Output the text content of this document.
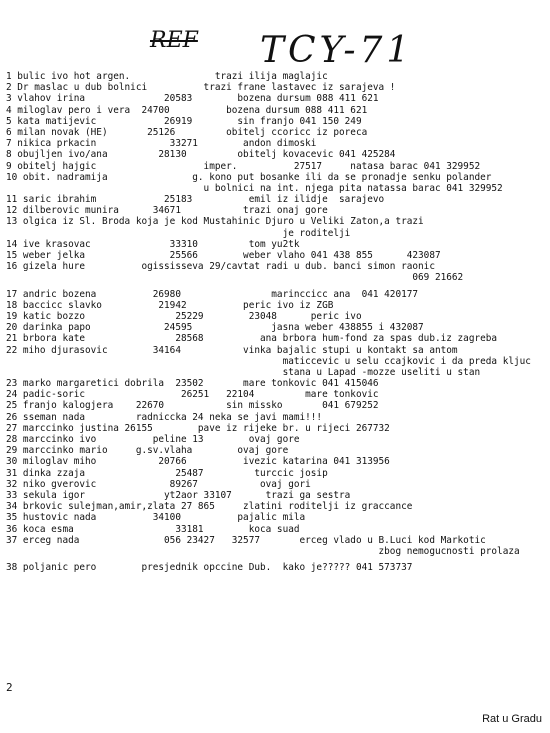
REF TCY-71
1 bulic ivo hot argen.               trazi ilija maglajic
2 Dr maslac u dub bolnici          trazi frane lastavec iz sarajeva !
3 vlahov irina              20583        bozena dursum 088 411 621
4 miloglav pero i vera  24700          bozena dursum 088 411 621
5 kata matijevic            26919        sin franjo 041 150 249
6 milan novak (HE)       25126         obitelj ccoricc iz poreca
7 nikica prkacin             33271        andon dimoski
8 obujljen ivo/ana         28130         obitelj kovacevic 041 425284
9 obitelj hajgic                   imper.          27517     natasa barac 041 329952
10 obit. nadramija               g. kono put bosanke ili da se pronadje senku polander
u bolnici na int. njega pita natassa barac 041 329952
11 saric ibrahim            25183          emil iz ilidje  sarajevo
12 dilberovic munira      34671           trazi onaj gore
13 olgica iz Sl. Broda koja je kod Mustahinic Djuro u Veliki Zaton,a trazi
je roditelji
14 ive krasovac              33310         tom yu2tk
15 weber jelka               25566        weber vlaho 041 438 855      423087
16 gizela hure          ogississeva 29/cavtat radi u dub. banci simon raonic
069 21662
17 andric bozena          26980                marinccicc ana  041 420177
18 baccicc slavko          21942          peric ivo iz ZGB
19 katic bozzo                25229        23048      peric ivo
20 darinka papo             24595              jasna weber 438855 i 432087
21 brbora kate                28568          ana brbora hum-fond za spas dub.iz zagreba
22 miho djurasovic        34164           vinka bajalic stupi u kontakt sa antom
maticcevic u selu ccajkovic i da preda kljuc
stana u Lapad -mozze useliti u stan
23 marko margaretici dobrila  23502       mare tonkovic 041 415046
24 padic-soric                 26251   22104         mare tonkovic
25 franjo kalogjera    22670           sin missko       041 679252
26 sseman nada         radniccka 24 neka se javi mami!!!
27 marccinko justina 26155        pave iz rijeke br. u rijeci 267732
28 marccinko ivo          peline 13        ovaj gore
29 marccinko mario     g.sv.vlaha        ovaj gore
30 miloglav miho           20766          ivezic katarina 041 313956
31 dinka zzaja                25487         turccic josip
32 niko gverovic             89267           ovaj gori
33 sekula igor              yt2aor 33107      trazi ga sestra
34 brkovic sulejman,amir,zlata 27 865     zlatini roditelji iz graccance
35 hustovic nada          34100          pajalic mila
36 koca esma                  33181        koca suad
37 erceg nada               056 23427   32577       erceg vlado u B.Luci kod Markotic
zbog nemogucnosti prolaza
38 poljanic pero        presjednik opccine Dub.  kako je????? 041 573737
2
Rat u Gradu
